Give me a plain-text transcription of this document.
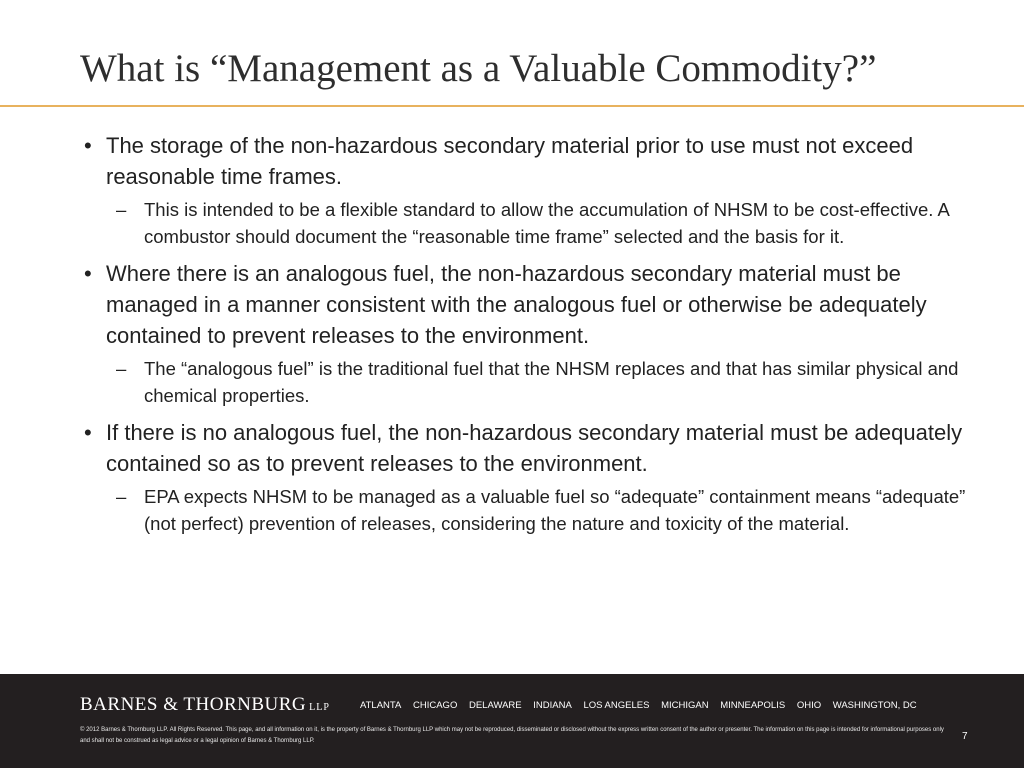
What is “Management as a Valuable Commodity?”
• The storage of the non-hazardous secondary material prior to use must not exceed reasonable time frames.
– This is intended to be a flexible standard to allow the accumulation of NHSM to be cost-effective. A combustor should document the “reasonable time frame” selected and the basis for it.
• Where there is an analogous fuel, the non-hazardous secondary material must be managed in a manner consistent with the analogous fuel or otherwise be adequately contained to prevent releases to the environment.
– The “analogous fuel” is the traditional fuel that the NHSM replaces and that has similar physical and chemical properties.
• If there is no analogous fuel, the non-hazardous secondary material must be adequately contained so as to prevent releases to the environment.
– EPA expects NHSM to be managed as a valuable fuel so “adequate” containment means “adequate” (not perfect) prevention of releases, considering the nature and toxicity of the material.
BARNES & THORNBURG LLP	ATLANTA CHICAGO DELAWARE INDIANA LOS ANGELES MICHIGAN MINNEAPOLIS OHIO WASHINGTON, DC
© 2012 Barnes & Thornburg LLP. All Rights Reserved. This page, and all information on it, is the property of Barnes & Thornburg LLP which may not be reproduced, disseminated or disclosed without the express written consent of the author or presenter. The information on this page is intended for informational purposes only and shall not be construed as legal advice or a legal opinion of Barnes & Thornburg LLP.	7
